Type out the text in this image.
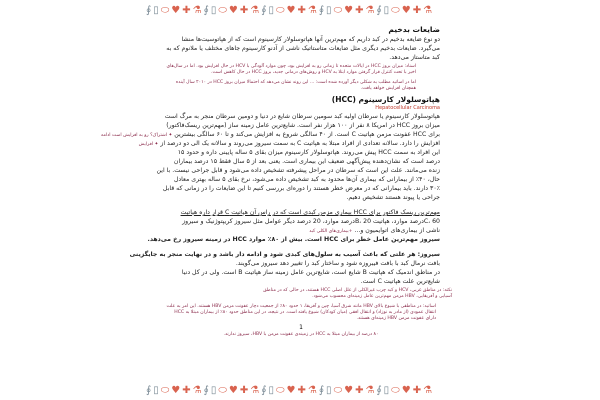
∮ ▯ ⬭ ♥ ✚ ⚗ ∮ ▯ ⬭ ♥ ✚ ⚗ ∮ ▯ ⬭ ♥ ✚ ⚗ ∮ ▯ ⬭ ♥ ✚ ⚗ ∮ ▯ ⬭ ♥ ✚ ⚗
ضایعات بدخیم
دو نوع ضایعه بدخیم در کبد داریم که مهم‌ترین آنها هپاتوسلولار کارسینوم است که از هپاتوسیت‌ها منشا
می‌گیرد. ضایعات بدخیم دیگری مثل ضایعات متاستاتیک ناشی از آدنو کارسینوم جاهای مختلف یا ملانوم که به
کبد متاستاز می‌دهد.
اسناد: میزان بروز HCC در ایالات متحده تا زمانی رو به افزایش بود، چون موارد آلودگی با HCV در حال افزایش بود. اما در سال‌های اخیر با تحت کنترل قرار گرفتن موارد ابتلا به HCV و روش‌های درمانی جدید، بروز HCC در حال کاهش است.
اما در اساتید مطلب به شکلی دیگر آورده شده است: ... این روند نشان می‌دهد که احتمالا میزان بروز HCC در ۲۰۱۰ سال آینده همچنان افزایش خواهد یافت.
هپاتوسلولار کارسینوم (HCC)
Hepatocellular Carcinoma
هپاتوسلولار کارسینوم یا سرطان اولیه کبد سومین سرطان شایع در دنیا و دومین سرطان منجر به مرگ است
میزان بروز HCC در امریکا ۸ نفر از ۱۰۰ هزار نفر است. شایع‌ترین عامل زمینه ساز (مهم‌ترین ریسک‌فاکتور)
برای HCC عفونت مزمن هپاتیت C است. از ۴۰ سالگی شروع به افزایش می‌کند و تا ۶۰ سالگی بیشترین ✦ اشتراک؟ رو به افزایش است ادامه
افزایش را دارد. سالانه تعدادی از افراد مبتلا به هپاتیت C به سمت سیروز می‌روند و سالانه یک الی دو درصد از ✦ افزایش
این افراد به سمت HCC پیش می‌روند. هپاتوسلولار کارسینوم میزان بقای ۵ ساله پایینی داره و حدود ۱۵
درصد است که نشان‌دهنده پیش‌آگهی ضعیف این بیماری است. یعنی بعد از ۵ سال فقط ۱۵ درصد بیماران
زنده می‌مانند. علت این است که سرطان در مراحل پیشرفته تشخیص داده می‌شود و قابل جراحی نیست. با این
حال، ۴۰٪ از بیمارانی که بیماری آن‌ها محدود به کبد تشخیص داده می‌شود، نرخ بقای ۵ ساله بهتری معادل
۳۰٪ دارند. باید بیمارانی که در معرض خطر هستند را دوره‌ای بررسی کنیم تا این ضایعات را در زمانی که قابل
جراحی یا پیوند هستند تشخیص دهیم.
مهم‌ترین ریسک فاکتور برای HCC بیماری مزمن کبدی است که در راس آن هپاتیت C قرار داره هپاتیت
C، 60درصد موارد، هپاتیت B، 20درصد موارد، 20 درصد دیگر عوامل مثل سیروز کریپتوژنیک و سیروز
ناشی از بیماری‌های اتوایمیون و... +بیماری‌های الکلی کبد
سیروز مهم‌ترین عامل خطر برای HCC است. بیش از ۸۰٪ موارد HCC در زمینه سیروز رخ می‌دهد.
سیروز: هر علتی که باعث آسیب به سلول‌های کبدی شود و ادامه دار باشد و در نهایت منجر به جایگزینی
بافت نرمال کبد با بافت فیبروزه شود و ساختار کبد را تغییر دهد سیروز می‌گویند.
در مناطق اندمیک که هپاتیت B شایع است، شایع‌ترین عامل زمینه ساز هپاتیت B است. ولی در کل دنیا
شایع‌ترین علت هپاتیت C است.
نکته: در مناطق غربی، HCV و کبد چرب غیرالکلی از علل اصلی HCC هستند، در حالی که در مناطق آسیایی و آفریقایی، HBV مزمن مهم‌ترین عامل زمینه‌ای محسوب می‌شود.
اساتید: در مناطقی با شیوع بالای HBV مانند شرق آسیا، چین و آفریقا، ۱ حدود ۸۰٪ از جمعیت دچار عفونت مزمن HBV هستند. این امر به علت انتقال عمودی (از مادر به نوزاد) و انتقال افقی (میان کودکان) شیوع یافته است. در نتیجه، در این مناطق حدود ۸۰٪ از بیماران مبتلا به HCC دارای عفونت مزمن HBV زمینه‌ای هستند.
1
۸۰ درصد از بیماران مبتلا به HCC در زمینه‌ی عفونت مزمن با HBV، سیروز ندارند.
∮ ▯ ⬭ ♥ ✚ ⚗ ∮ ▯ ⬭ ♥ ✚ ⚗ ∮ ▯ ⬭ ♥ ✚ ⚗ ∮ ▯ ⬭ ♥ ✚ ⚗ ∮ ▯ ⬭ ♥ ✚ ⚗
